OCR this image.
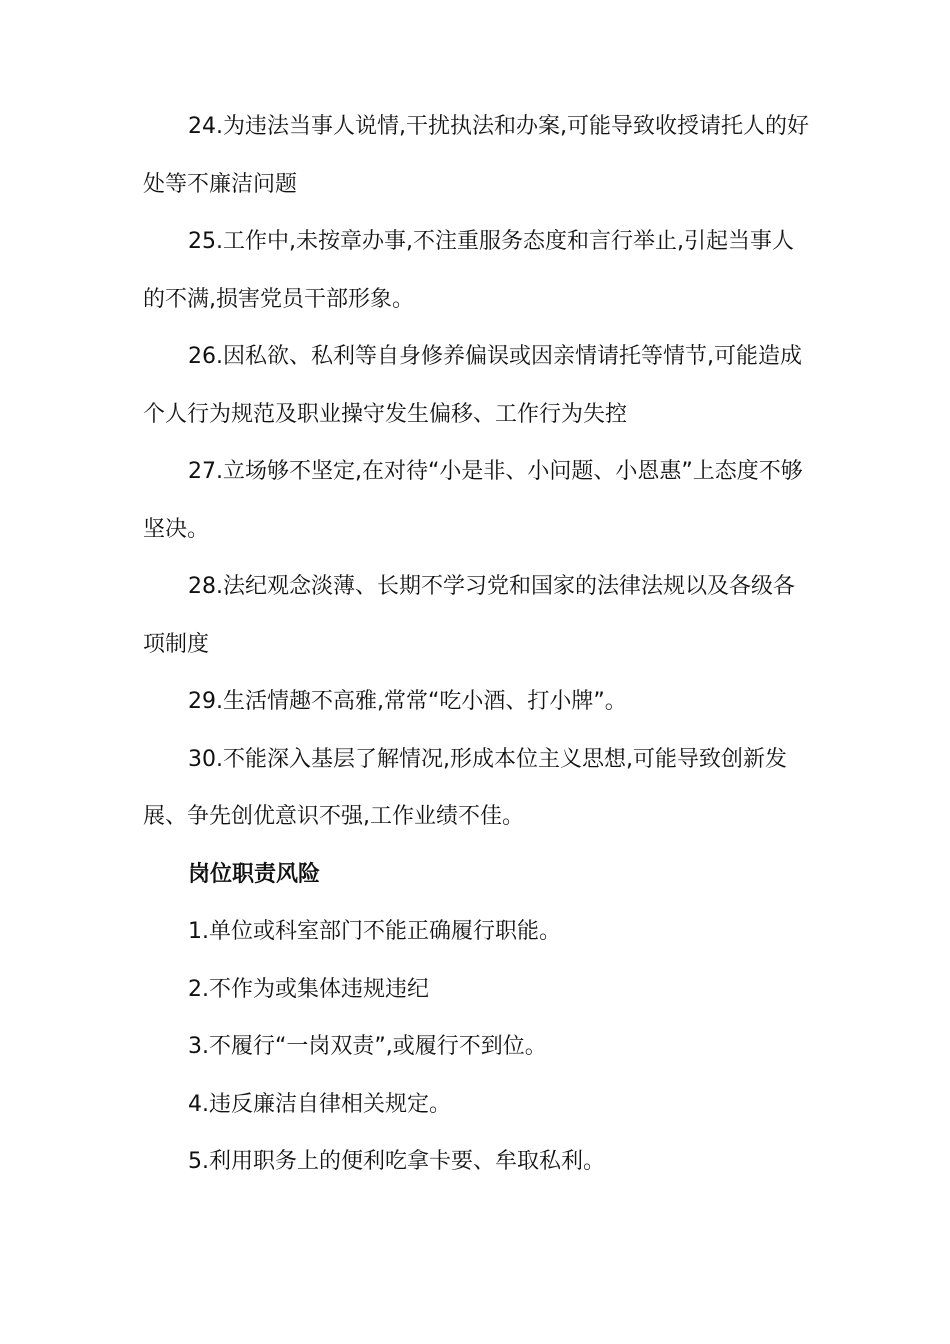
24.为违法当事人说情,干扰执法和办案,可能导致收授请托人的好处等不廉洁问题

25.工作中,未按章办事,不注重服务态度和言行举止,引起当事人的不满,损害党员干部形象。

26.因私欲、私利等自身修养偏误或因亲情请托等情节,可能造成个人行为规范及职业操守发生偏移、工作行为失控

27.立场够不坚定,在对待“小是非、小问题、小恩惠”上态度不够坚决。

28.法纪观念淡薄、长期不学习党和国家的法律法规以及各级各项制度

29.生活情趣不高雅,常常“吃小酒、打小牌”。

30.不能深入基层了解情况,形成本位主义思想,可能导致创新发展、争先创优意识不强,工作业绩不佳。

岗位职责风险

1.单位或科室部门不能正确履行职能。

2.不作为或集体违规违纪

3.不履行“一岗双责”,或履行不到位。

4.违反廉洁自律相关规定。

5.利用职务上的便利吃拿卡要、牟取私利。
